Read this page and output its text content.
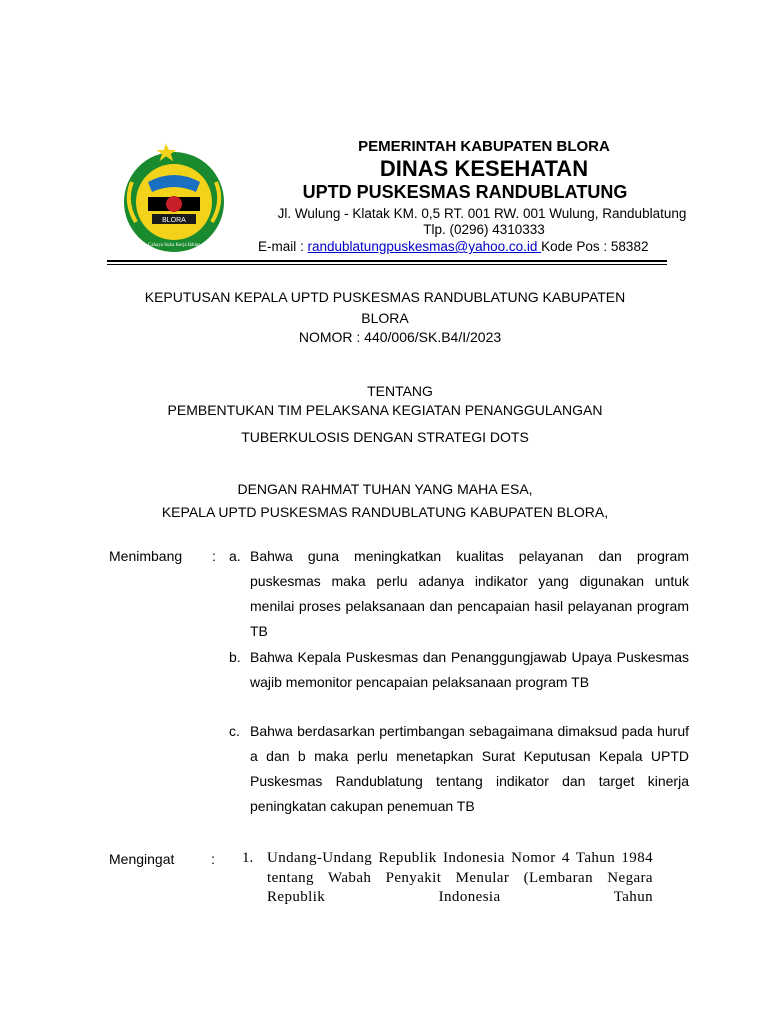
BLORA
Cahaya Suka Kerja Ikhlas
PEMERINTAH KABUPATEN BLORA
DINAS KESEHATAN
UPTD PUSKESMAS RANDUBLATUNG
Jl. Wulung - Klatak KM. 0,5 RT. 001 RW. 001 Wulung, Randublatung
Tlp. (0296) 4310333
E-mail : randublatungpuskesmas@yahoo.co.id Kode Pos : 58382
KEPUTUSAN KEPALA UPTD PUSKESMAS RANDUBLATUNG KABUPATEN
BLORA
NOMOR : 440/006/SK.B4/I/2023
TENTANG
PEMBENTUKAN TIM PELAKSANA KEGIATAN PENANGGULANGAN
TUBERKULOSIS DENGAN STRATEGI DOTS
DENGAN RAHMAT TUHAN YANG MAHA ESA,
KEPALA UPTD PUSKESMAS RANDUBLATUNG KABUPATEN BLORA,
Menimbang : a. Bahwa guna meningkatkan kualitas pelayanan dan program puskesmas maka perlu adanya indikator yang digunakan untuk menilai proses pelaksanaan dan pencapaian hasil pelayanan program TB
b. Bahwa Kepala Puskesmas dan Penanggungjawab Upaya Puskesmas wajib memonitor pencapaian pelaksanaan program TB
c. Bahwa berdasarkan pertimbangan sebagaimana dimaksud pada huruf a dan b maka perlu menetapkan Surat Keputusan Kepala UPTD Puskesmas Randublatung tentang indikator dan target kinerja peningkatan cakupan penemuan TB
Mengingat	: 1. Undang-Undang Republik Indonesia Nomor 4 Tahun 1984 tentang Wabah Penyakit Menular (Lembaran Negara Republik Indonesia Tahun
